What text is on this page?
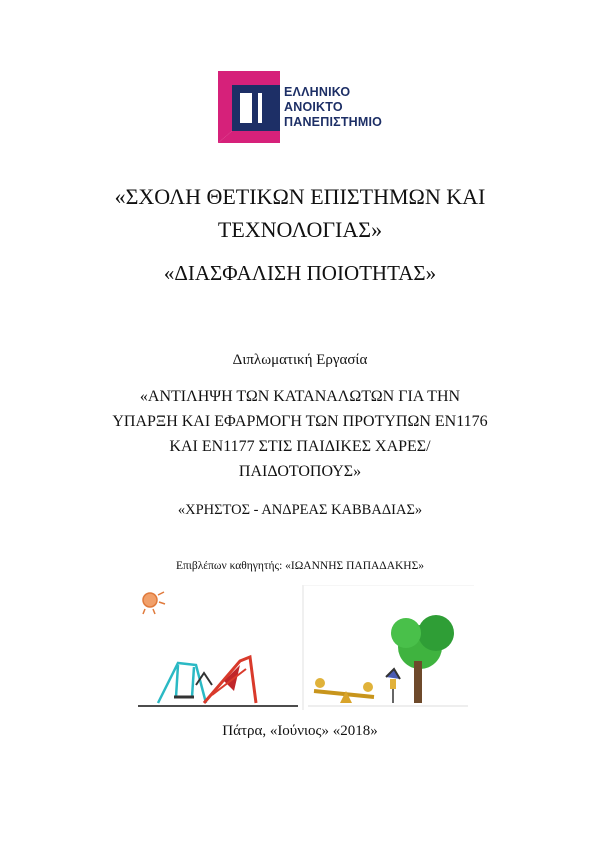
ΕΛΛΗΝΙΚΟ
ΑΝΟΙΚΤΟ
ΠΑΝΕΠΙΣΤΗΜΙΟ
«ΣΧΟΛΗ ΘΕΤΙΚΩΝ ΕΠΙΣΤΗΜΩΝ ΚΑΙ
ΤΕΧΝΟΛΟΓΙΑΣ»
«ΔΙΑΣΦΑΛΙΣΗ ΠΟΙΟΤΗΤΑΣ»
Διπλωματική Εργασία
«ΑΝΤΙΛΗΨΗ ΤΩΝ ΚΑΤΑΝΑΛΩΤΩΝ ΓΙΑ ΤΗΝ ΥΠΑΡΞΗ ΚΑΙ ΕΦΑΡΜΟΓΗ ΤΩΝ ΠΡΟΤΥΠΩΝ ΕΝ1176 ΚΑΙ ΕΝ1177 ΣΤΙΣ ΠΑΙΔΙΚΕΣ ΧΑΡΕΣ/ΠΑΙΔΟΤΟΠΟΥΣ»
«ΧΡΗΣΤΟΣ - ΑΝΔΡΕΑΣ ΚΑΒΒΑΔΙΑΣ»
Επιβλέπων καθηγητής: «ΙΩΑΝΝΗΣ ΠΑΠΑΔΑΚΗΣ»
Πάτρα, «Ιούνιος» «2018»
